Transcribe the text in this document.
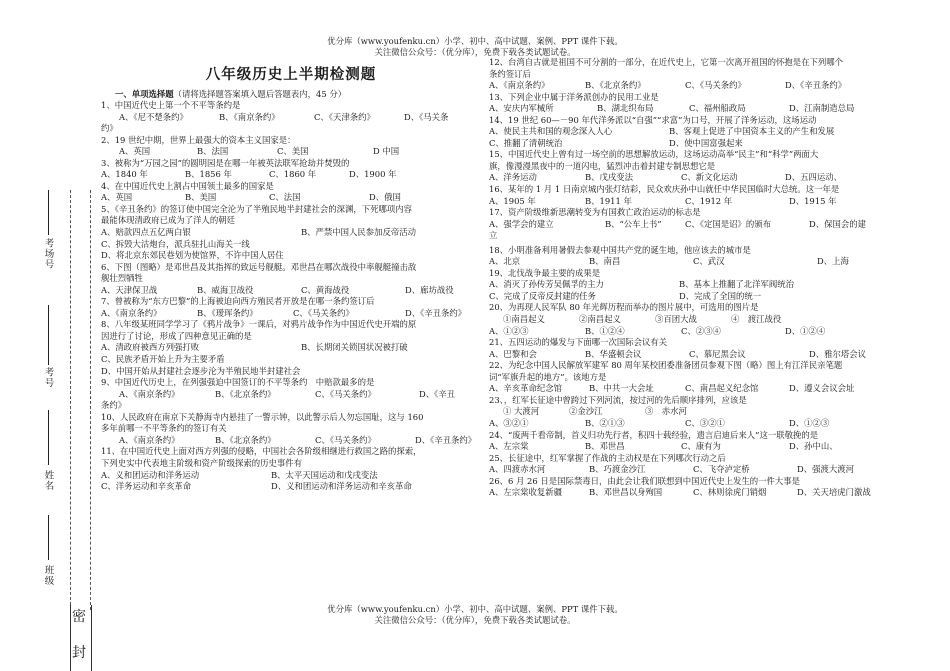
优分库（www.youfenku.cn）小学、初中、高中试题、案例、PPT 课件下载。
关注微信公众号：（优分库），免费下载各类试题试卷。
优分库（www.youfenku.cn）小学、初中、高中试题、案例、PPT 课件下载。
关注微信公众号：（优分库），免费下载各类试题试卷。
考场号
考号
姓名
班级
密
封
八年级历史上半期检测题
一、单项选择题（请将选择题答案填入题后答题表内，45 分）
1、中国近代史上第一个不平等条约是
A、《尼不楚条约》	B、《南京条约》	C、《天津条约》	D、《马关条
约》
2、19 世纪中期，世界上最强大的资本主义国家是：
A、英国	B、法国	C、美国	D 中国
3、被称为“万园之园”的圆明园是在哪一年被英法联军抢劫并焚毁的
A、1840 年	B、1856 年	C、1860 年	D、1900 年
4、在中国近代史上割占中国领土最多的国家是
A、英国	B、美国	C、法国	D、俄国
5、《辛丑条约》的签订使中国完全沦为了半殖民地半封建社会的深渊，下死哪项内容
最能体现清政府已成为了洋人的朝廷
A、赔款四点五亿两白银	B、严禁中国人民参加反帝活动
C、拆毁大沽炮台，派兵驻扎山海关一线
D、将北京东郊民巷划为使馆界，不许中国人居住
6、下图（图略）是邓世昌及其指挥的致远号舰艇。邓世昌在哪次战役中率舰艇撞击敌
舰壮烈牺牲
A、天津保卫战	B、威海卫战役	C、黄海战役	D、廊坊战役
7、曾被称为“东方巴黎”的上海被迫向西方殖民者开放是在哪一条约签订后
A、《南京条约》	B、《瑷珲条约》	C、《马关条约》	D、《辛丑条约》
8、八年级某班同学学习了《鸦片战争》一课后，对鸦片战争作为中国近代史开端的原
因进行了讨论，形成了四种意见正确的是
A、清政府被西方列强打败	B、长期闭关锁国状况被打破
C、民族矛盾开始上升为主要矛盾
D、中国开始从封建社会逐步沦为半殖民地半封建社会
9、中国近代历史上，在列强强迫中国签订的不平等条约　中赔款最多的是
A、《南京条约》	B、《北京条约》	C、《马关条约》	D、《辛丑
条约》
10、人民政府在南京下关静海寺内悬挂了一警示钟，以此警示后人勿忘国耻，这与 160
多年前哪一不平等条约的签订有关
A、《南京条约》	B、《北京条约》	C、《马关条约》	D、《辛丑条约》
11、在中国近代史上面对西方列强的侵略，中国社会各阶级相继进行救国之路的探索，
下列史实中代表地主阶级和资产阶级探索的历史事件有
A、义和团运动和洋务运动	B、太平天国运动和戊戌变法
C、洋务运动和辛亥革命	D、义和团运动和洋务运动和辛亥革命
12、台湾自古就是祖国不可分割的一部分，在近代史上，它第一次离开祖国的怀抱是在下列哪个
条约签订后
A、《南京条约》	B、《北京条约》	C、《马关条约》	D、《辛丑条约》
13、下列企业中属于洋务派创办的民用工业是
A、安庆内军械所	B、湖北织布局	C、福州船政局	D、江南制造总局
14、19 世纪 60—－90 年代洋务派以“自强”“求富”为口号，开展了洋务运动，这场运动
A、使民主共和国的观念深入人心	B、客观上促进了中国资本主义的产生和发展
C、推翻了清朝统治	D、使中国富强起来
15、中国近代史上曾有过一场空前的思想解放运动，这场运动高举“民主”和“科学”两面大
旗，像漫漫黑夜中的一道闪电，猛烈冲击着封建专制思想它是
A、洋务运动	B、戊戌变法	C、新文化运动	D、五四运动、
16、某年的 1 月 1 日南京城内张灯结彩，民众欢庆孙中山就任中华民国临时大总统。这一年是
A、1905 年	B、1911 年	C、1912 年	D、1915 年
17、资产阶级维新思潮转变为有国救亡政治运动的标志是
A、强学会的建立	B、“公车上书”	C、《定国是诏》的颁布	D、保国会的建
立
18、小明准备利用暑假去参观中国共产党的诞生地，他应该去的城市是
A、北京	B、南昌	C、武汉	D、上海
19、北伐战争最主要的成果是
A、消灭了孙传芳吴佩孚的主力	B、基本上推翻了北洋军阀统治
C、完成了反帝反封建的任务	D、完成了全国的统一
20、为再现人民军队 80 年光辉历程而举办的图片展中，可选用的图片是
①南昌起义	②南昌起义	③百团大战	④　渡江战役
A、①②③	B、①②④	C、②③④	D、①②④
21、五四运动的爆发与下面哪一次国际会议有关
A、巴黎和会	B、华盛顿会议	C、慕尼黑会议	D、雅尔塔会议
22、为纪念中国人民解放军建军 80 周年某校团委准备团员参观下图（略）图上有江洋民亲笔题
词“军旗升起的地方”。该地方是
A、辛亥革命纪念馆	B、中共一大会址	C、南昌起义纪念馆	D、遵义会议会址
23、，红军长征途中曾跨过下列河流，按过河的先后顺序排列，应该是
① 大渡河	②金沙江	③　赤水河
A、③②①	B、②①③	C、③②①	D、①②③
24、“废两千看帝制，首义归功先行者，积四十载经验，遗言启迪后来人”这一联敬挽的是
A、左宗棠	B、邓世昌	C、康有为	D、孙中山、
25、长征途中，红军掌握了作战的主动权是在下列哪次行动之后
A、四渡赤水河	B、巧渡金沙江	C、飞夺泸定桥	D、强渡大渡河
26、6 月 26 日是国际禁毒日，由此会让我们联想到中国近代史上发生的一件大事是
A、左宗棠收复新疆	B、邓世昌以身殉国	C、林则徐虎门销烟	D、关天培虎门激战
